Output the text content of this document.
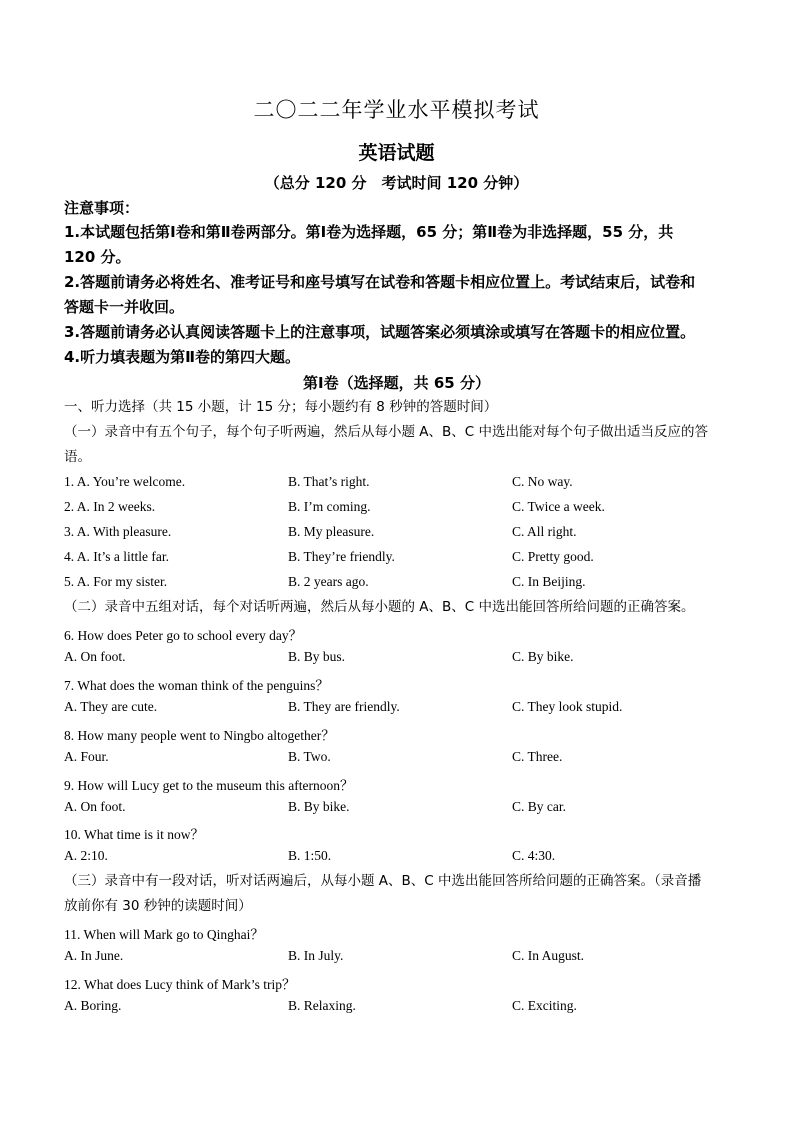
二〇二二年学业水平模拟考试
英语试题
（总分 120 分　考试时间 120 分钟）
注意事项：
1.本试题包括第Ⅰ卷和第Ⅱ卷两部分。第Ⅰ卷为选择题，65 分；第Ⅱ卷为非选择题，55 分，共
120 分。
2.答题前请务必将姓名、准考证号和座号填写在试卷和答题卡相应位置上。考试结束后，试卷和
答题卡一并收回。
3.答题前请务必认真阅读答题卡上的注意事项，试题答案必须填涂或填写在答题卡的相应位置。
4.听力填表题为第Ⅱ卷的第四大题。
第Ⅰ卷（选择题，共 65 分）
一、听力选择（共 15 小题，计 15 分；每小题约有 8 秒钟的答题时间）
（一）录音中有五个句子，每个句子听两遍，然后从每小题 A、B、C 中选出能对每个句子做出适当反应的答
语。
1. A. You’re welcome.	B. That’s right.	C. No way.
2. A. In 2 weeks.	B. I’m coming.	C. Twice a week.
3. A. With pleasure.	B. My pleasure.	C. All right.
4. A. It’s a little far.	B. They’re friendly.	C. Pretty good.
5. A. For my sister.	B. 2 years ago.	C. In Beijing.
（二）录音中五组对话，每个对话听两遍，然后从每小题的 A、B、C 中选出能回答所给问题的正确答案。
6. How does Peter go to school every day？
A. On foot.	B. By bus.	C. By bike.
7. What does the woman think of the penguins？
A. They are cute.	B. They are friendly.	C. They look stupid.
8. How many people went to Ningbo altogether？
A. Four.	B. Two.	C. Three.
9. How will Lucy get to the museum this afternoon？
A. On foot.	B. By bike.	C. By car.
10. What time is it now？
A. 2:10.	B. 1:50.	C. 4:30.
（三）录音中有一段对话，听对话两遍后，从每小题 A、B、C 中选出能回答所给问题的正确答案。（录音播
放前你有 30 秒钟的读题时间）
11. When will Mark go to Qinghai？
A. In June.	B. In July.	C. In August.
12. What does Lucy think of Mark’s trip？
A. Boring.	B. Relaxing.	C. Exciting.
